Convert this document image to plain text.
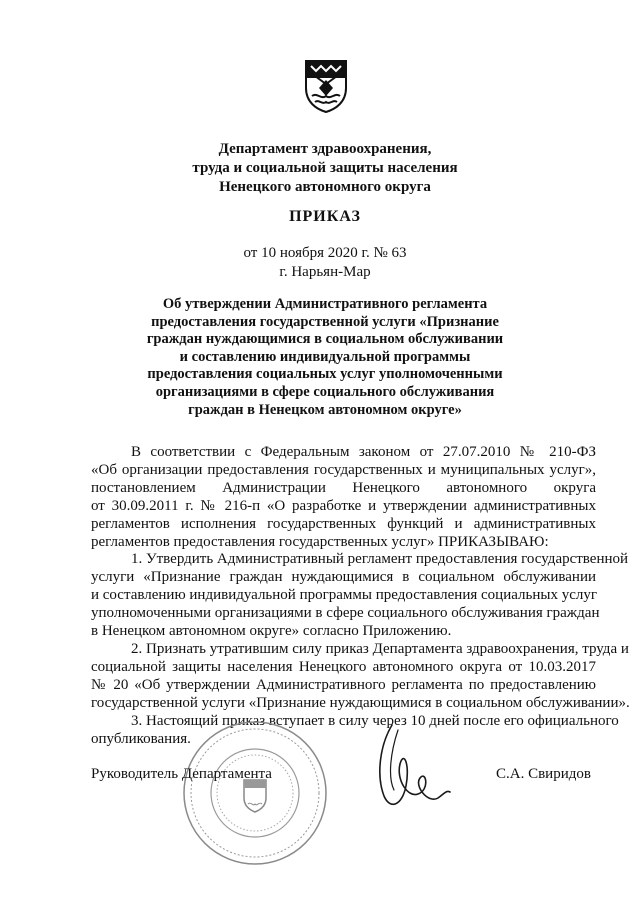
Департамент здравоохранения,
труда и социальной защиты населения
Ненецкого автономного округа
ПРИКАЗ
от 10 ноября 2020 г. № 63
г. Нарьян-Мар
Об утверждении Административного регламента
предоставления государственной услуги «Признание
граждан нуждающимися в социальном обслуживании
и составлению индивидуальной программы
предоставления социальных услуг уполномоченными
организациями в сфере социального обслуживания
граждан в Ненецком автономном округе»

В соответствии с Федеральным законом от 27.07.2010 № 210-ФЗ
«Об организации предоставления государственных и муниципальных услуг»,
постановлением Администрации Ненецкого автономного округа
от 30.09.2011 г. № 216-п «О разработке и утверждении административных
регламентов исполнения государственных функций и административных
регламентов предоставления государственных услуг» ПРИКАЗЫВАЮ:

1. Утвердить Административный регламент предоставления государственной
услуги «Признание граждан нуждающимися в социальном обслуживании
и составлению индивидуальной программы предоставления социальных услуг
уполномоченными организациями в сфере социального обслуживания граждан
в Ненецком автономном округе» согласно Приложению.

2. Признать утратившим силу приказ Департамента здравоохранения, труда и
социальной защиты населения Ненецкого автономного округа от 10.03.2017
№ 20 «Об утверждении Административного регламента по предоставлению
государственной услуги «Признание нуждающимися в социальном обслуживании».

3. Настоящий приказ вступает в силу через 10 дней после его официального
опубликования.

Руководитель Департамента	С.А. Свиридов
